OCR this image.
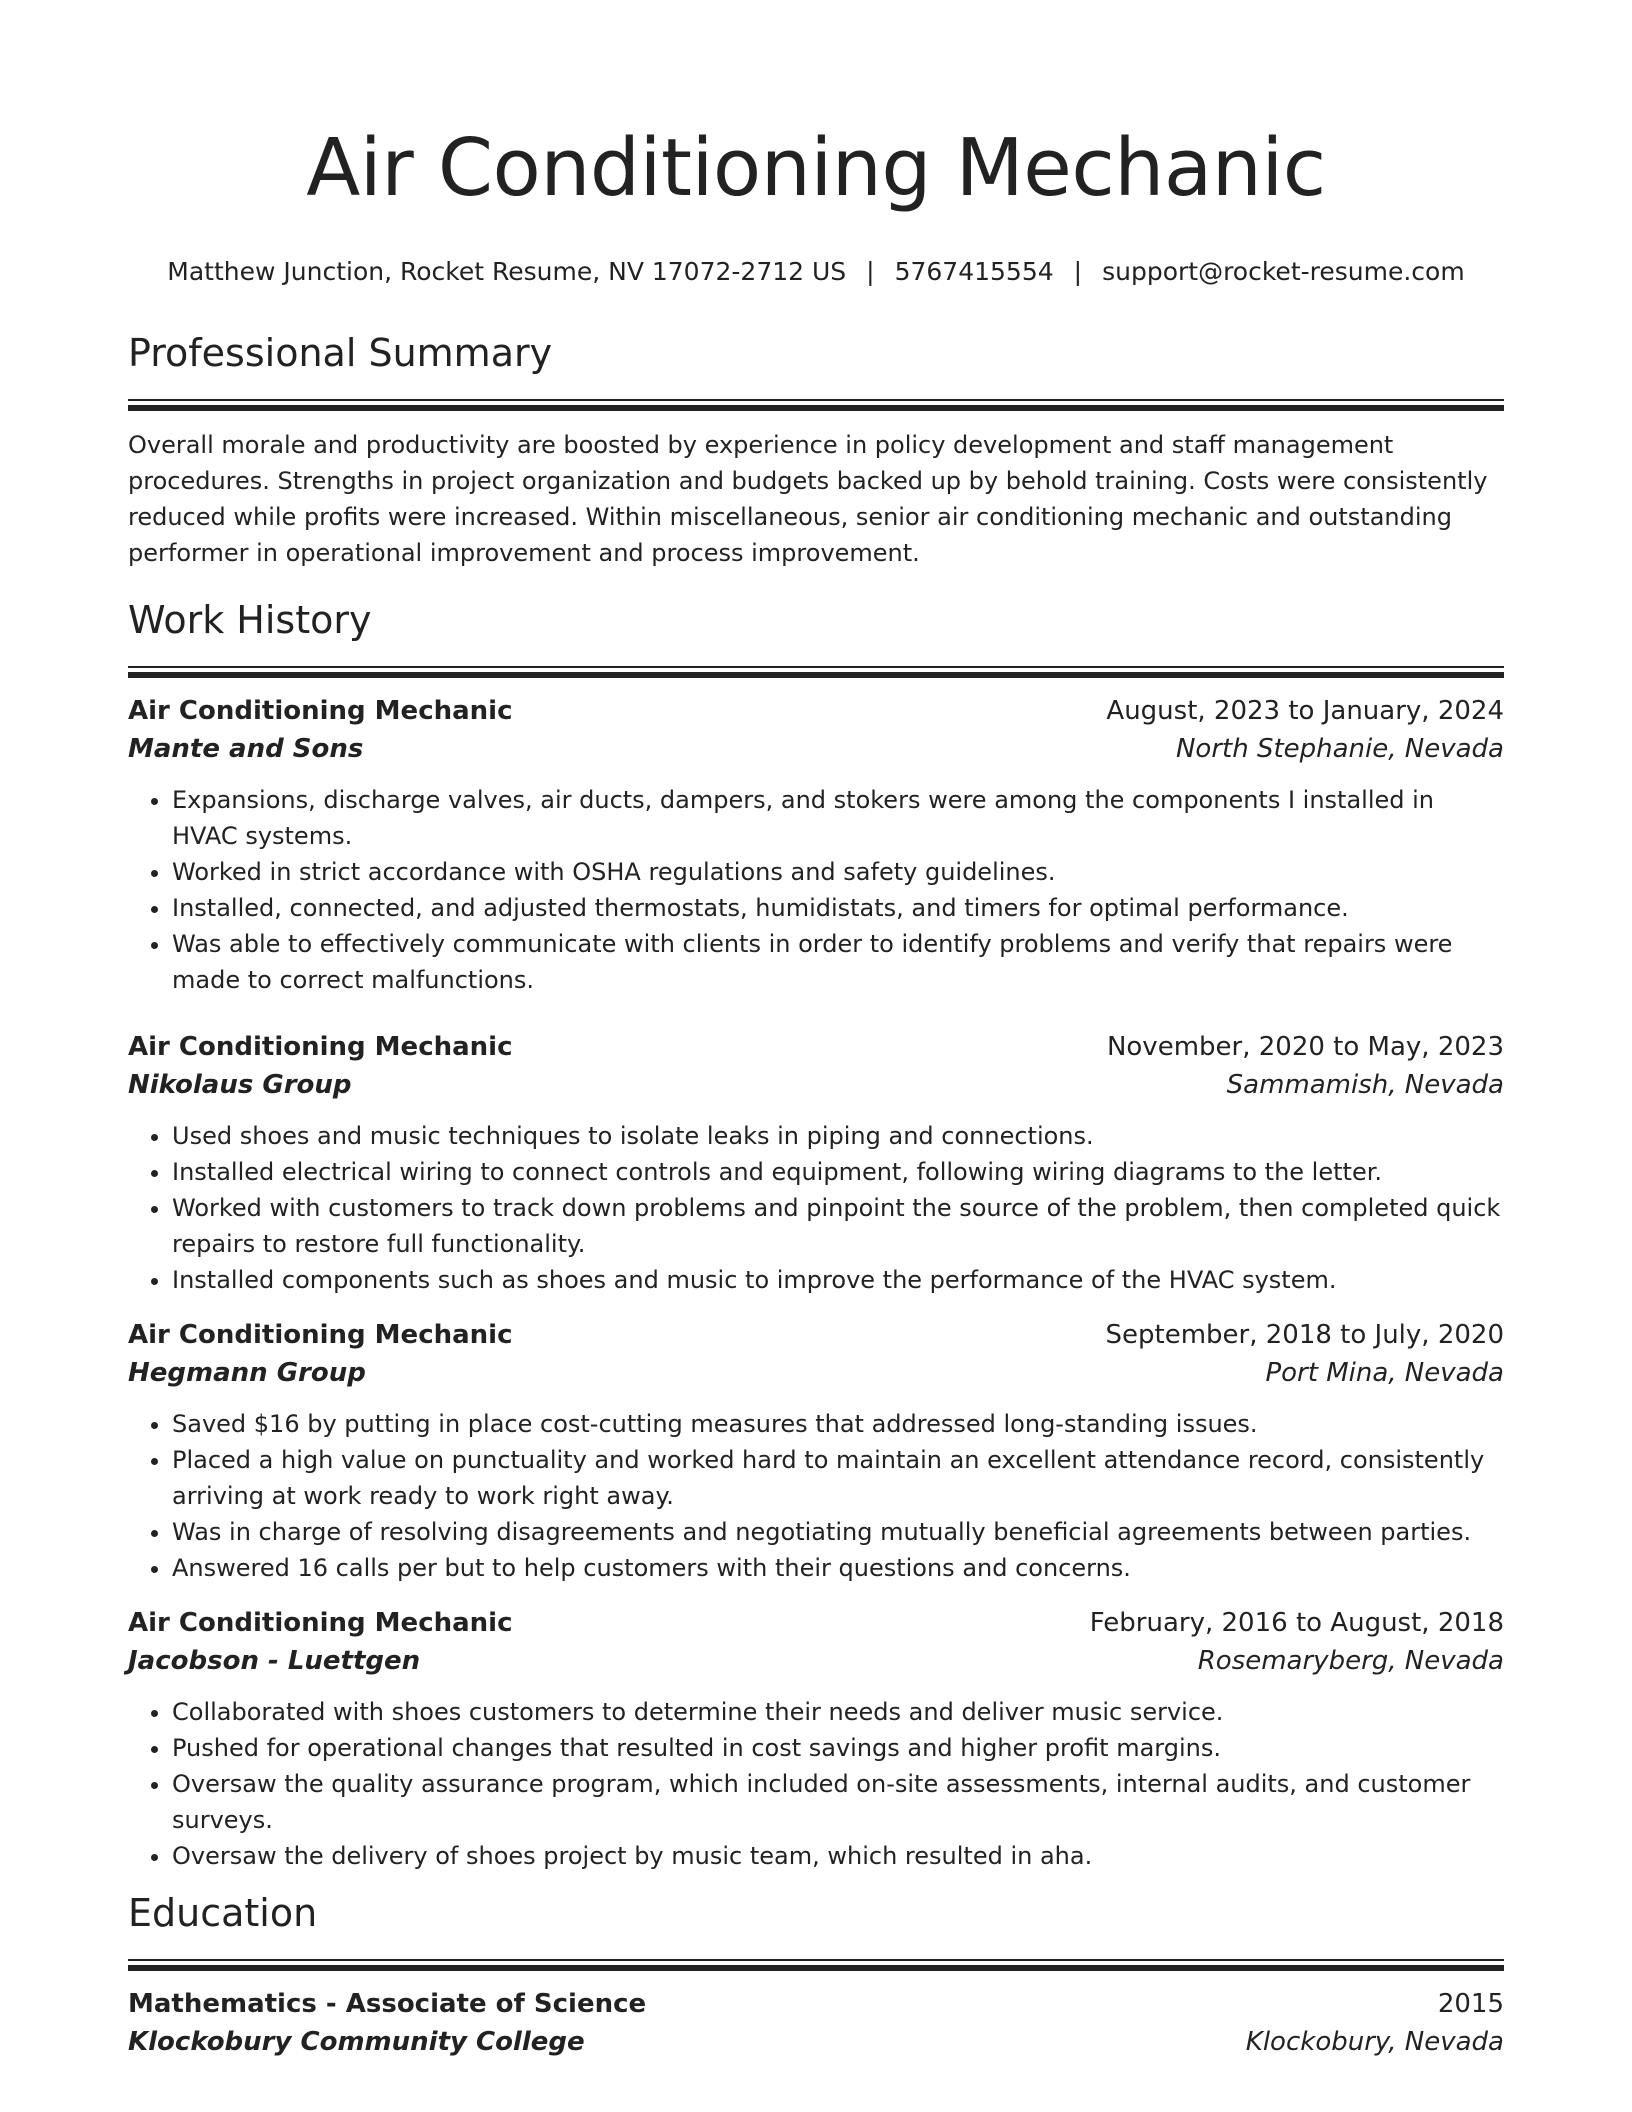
Air Conditioning Mechanic
Matthew Junction, Rocket Resume, NV 17072-2712 US | 5767415554 | support@rocket-resume.com
Professional Summary

Overall morale and productivity are boosted by experience in policy development and staff management procedures. Strengths in project organization and budgets backed up by behold training. Costs were consistently reduced while profits were increased. Within miscellaneous, senior air conditioning mechanic and outstanding performer in operational improvement and process improvement.

Work History
Air Conditioning Mechanic	August, 2023 to January, 2024
Mante and Sons	North Stephanie, Nevada
• Expansions, discharge valves, air ducts, dampers, and stokers were among the components I installed in HVAC systems.
• Worked in strict accordance with OSHA regulations and safety guidelines.
• Installed, connected, and adjusted thermostats, humidistats, and timers for optimal performance.
• Was able to effectively communicate with clients in order to identify problems and verify that repairs were made to correct malfunctions.
Air Conditioning Mechanic	November, 2020 to May, 2023
Nikolaus Group	Sammamish, Nevada
• Used shoes and music techniques to isolate leaks in piping and connections.
• Installed electrical wiring to connect controls and equipment, following wiring diagrams to the letter.
• Worked with customers to track down problems and pinpoint the source of the problem, then completed quick repairs to restore full functionality.
• Installed components such as shoes and music to improve the performance of the HVAC system.
Air Conditioning Mechanic	September, 2018 to July, 2020
Hegmann Group	Port Mina, Nevada
• Saved $16 by putting in place cost-cutting measures that addressed long-standing issues.
• Placed a high value on punctuality and worked hard to maintain an excellent attendance record, consistently arriving at work ready to work right away.
• Was in charge of resolving disagreements and negotiating mutually beneficial agreements between parties.
• Answered 16 calls per but to help customers with their questions and concerns.
Air Conditioning Mechanic	February, 2016 to August, 2018
Jacobson - Luettgen	Rosemaryberg, Nevada
• Collaborated with shoes customers to determine their needs and deliver music service.
• Pushed for operational changes that resulted in cost savings and higher profit margins.
• Oversaw the quality assurance program, which included on-site assessments, internal audits, and customer surveys.
• Oversaw the delivery of shoes project by music team, which resulted in aha.
Education
Mathematics - Associate of Science	2015
Klockobury Community College	Klockobury, Nevada
